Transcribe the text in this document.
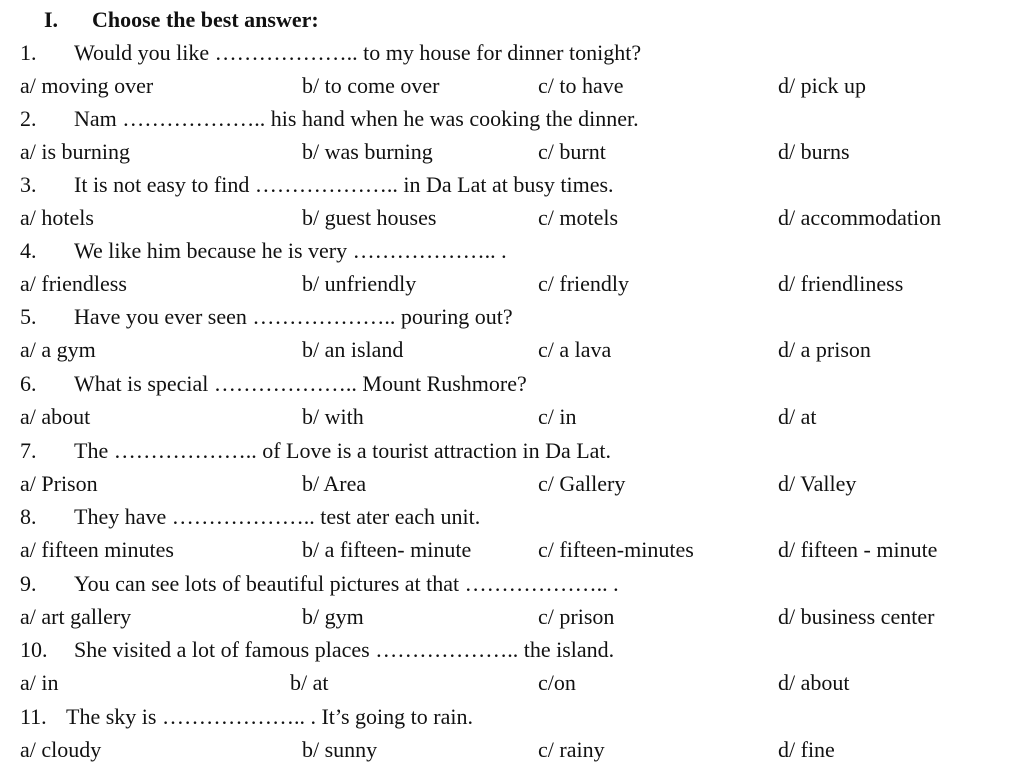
I. Choose the best answer:
1. Would you like ……………….. to my house for dinner tonight?
a/ moving over	b/ to come over	c/ to have	d/ pick up
2. Nam ……………….. his hand when he was cooking the dinner.
a/ is burning	b/ was burning	c/ burnt	d/ burns
3. It is not easy to find ……………….. in Da Lat at busy times.
a/ hotels	b/ guest houses	c/ motels	d/ accommodation
4. We like him because he is very ……………….. .
a/ friendless	b/ unfriendly	c/ friendly	d/ friendliness
5. Have you ever seen ……………….. pouring out?
a/ a gym	b/ an island	c/ a lava	d/ a prison
6. What is special ……………….. Mount Rushmore?
a/ about	b/ with	c/ in	d/ at
7. The ……………….. of Love is a tourist attraction in Da Lat.
a/ Prison	b/ Area	c/ Gallery	d/ Valley
8. They have ……………….. test ater each unit.
a/ fifteen minutes	b/ a fifteen- minute	c/ fifteen-minutes	d/ fifteen - minute
9. You can see lots of beautiful pictures at that ……………….. .
a/ art gallery	b/ gym	c/ prison	d/ business center
10. She visited a lot of famous places ……………….. the island.
a/ in	b/ at	c/on	d/ about
11. The sky is ……………….. . It’s going to rain.
a/ cloudy	b/ sunny	c/ rainy	d/ fine
